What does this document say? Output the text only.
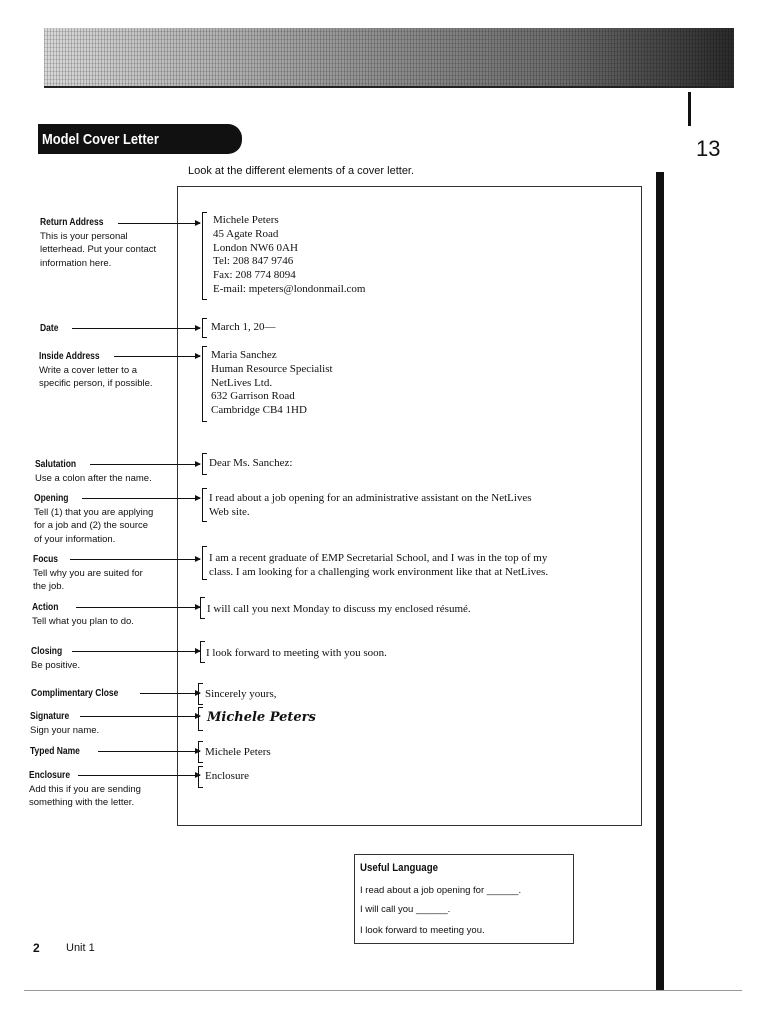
13
Model Cover Letter
Look at the different elements of a cover letter.
Return Address
This is your personal
letterhead. Put your contact
information here.
Date
Inside Address
Write a cover letter to a
specific person, if possible.
Salutation
Use a colon after the name.
Opening
Tell (1) that you are applying
for a job and (2) the source
of your information.
Focus
Tell why you are suited for
the job.
Action
Tell what you plan to do.
Closing
Be positive.
Complimentary Close
Signature
Sign your name.
Typed Name
Enclosure
Add this if you are sending
something with the letter.
Michele Peters
45 Agate Road
London NW6 0AH
Tel: 208 847 9746
Fax: 208 774 8094
E-mail: mpeters@londonmail.com
March 1, 20—
Maria Sanchez
Human Resource Specialist
NetLives Ltd.
632 Garrison Road
Cambridge CB4 1HD
Dear Ms. Sanchez:
I read about a job opening for an administrative assistant on the NetLives
Web site.
I am a recent graduate of EMP Secretarial School, and I was in the top of my
class. I am looking for a challenging work environment like that at NetLives.
I will call you next Monday to discuss my enclosed résumé.
I look forward to meeting with you soon.
Sincerely yours,
Michele Peters
Michele Peters
Enclosure
Useful Language
I read about a job opening for ______.
I will call you ______.
I look forward to meeting you.
2 Unit 1
